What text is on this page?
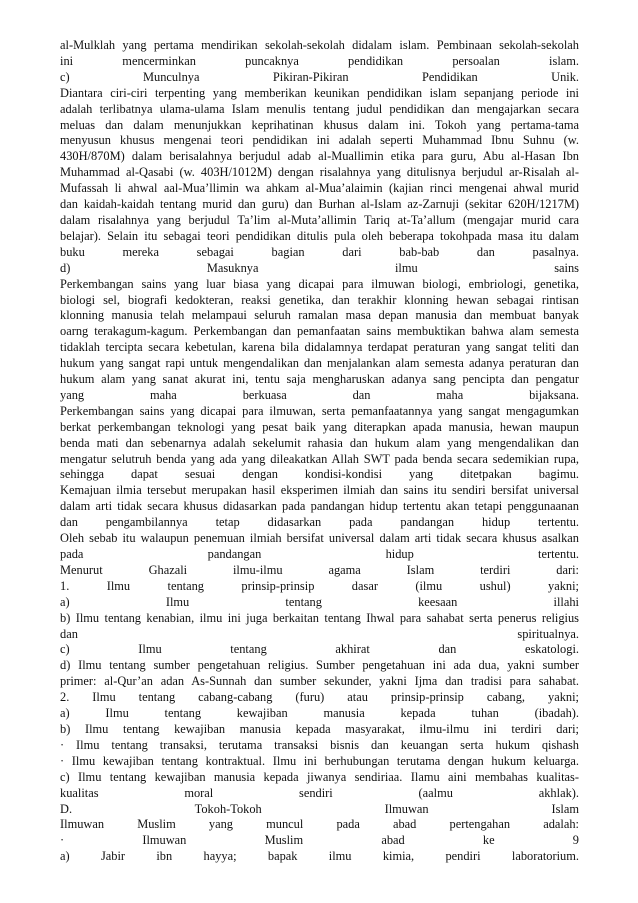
al-Mulklah yang pertama mendirikan sekolah-sekolah didalam islam. Pembinaan sekolah-sekolah
ini mencerminkan puncaknya pendidikan persoalan islam.
c) Munculnya Pikiran-Pikiran Pendidikan Unik.
Diantara ciri-ciri terpenting yang memberikan keunikan pendidikan islam sepanjang periode ini
adalah terlibatnya ulama-ulama Islam menulis tentang judul pendidikan dan mengajarkan secara
meluas dan dalam menunjukkan keprihatinan khusus dalam ini. Tokoh yang pertama-tama
menyusun khusus mengenai teori pendidikan ini adalah seperti Muhammad Ibnu Suhnu (w.
430H/870M) dalam berisalahnya berjudul adab al-Muallimin etika para guru, Abu al-Hasan Ibn
Muhammad al-Qasabi (w. 403H/1012M) dengan risalahnya yang ditulisnya berjudul ar-Risalah al-
Mufassah li ahwal aal-Mua’llimin wa ahkam al-Mua’alaimin (kajian rinci mengenai ahwal murid
dan kaidah-kaidah tentang murid dan guru) dan Burhan al-Islam az-Zarnuji (sekitar 620H/1217M)
dalam risalahnya yang berjudul Ta’lim al-Muta’allimin Tariq at-Ta’allum (mengajar murid cara
belajar). Selain itu sebagai teori pendidikan ditulis pula oleh beberapa tokohpada masa itu dalam
buku mereka sebagai bagian dari bab-bab dan pasalnya.
d) Masuknya ilmu sains
Perkembangan sains yang luar biasa yang dicapai para ilmuwan biologi, embriologi, genetika,
biologi sel, biografi kedokteran, reaksi genetika, dan terakhir klonning hewan sebagai rintisan
klonning manusia telah melampaui seluruh ramalan masa depan manusia dan membuat banyak
oarng terakagum-kagum. Perkembangan dan pemanfaatan sains membuktikan bahwa alam semesta
tidaklah tercipta secara kebetulan, karena bila didalamnya terdapat peraturan yang sangat teliti dan
hukum yang sangat rapi untuk mengendalikan dan menjalankan alam semesta adanya peraturan dan
hukum alam yang sanat akurat ini, tentu saja mengharuskan adanya sang pencipta dan pengatur
yang maha berkuasa dan maha bijaksana.
Perkembangan sains yang dicapai para ilmuwan, serta pemanfaatannya yang sangat mengagumkan
berkat perkembangan teknologi yang pesat baik yang diterapkan apada manusia, hewan maupun
benda mati dan sebenarnya adalah sekelumit rahasia dan hukum alam yang mengendalikan dan
mengatur selutruh benda yang ada yang dileakatkan Allah SWT pada benda secara sedemikian rupa,
sehingga dapat sesuai dengan kondisi-kondisi yang ditetpakan bagimu.
Kemajuan ilmia tersebut merupakan hasil eksperimen ilmiah dan sains itu sendiri bersifat universal
dalam arti tidak secara khusus didasarkan pada pandangan hidup tertentu akan tetapi penggunaanan
dan pengambilannya tetap didasarkan pada pandangan hidup tertentu.
Oleh sebab itu walaupun penemuan ilmiah bersifat universal dalam arti tidak secara khusus asalkan
pada pandangan hidup tertentu.
Menurut Ghazali ilmu-ilmu agama Islam terdiri dari:
1. Ilmu tentang prinsip-prinsip dasar (ilmu ushul) yakni;
a) Ilmu tentang keesaan illahi
b) Ilmu tentang kenabian, ilmu ini juga berkaitan tentang Ihwal para sahabat serta penerus religius
dan spiritualnya.
c) Ilmu tentang akhirat dan eskatologi.
d) Ilmu tentang sumber pengetahuan religius. Sumber pengetahuan ini ada dua, yakni sumber
primer: al-Qur’an adan As-Sunnah dan sumber sekunder, yakni Ijma dan tradisi para sahabat.
2. Ilmu tentang cabang-cabang (furu) atau prinsip-prinsip cabang, yakni;
a) Ilmu tentang kewajiban manusia kepada tuhan (ibadah).
b) Ilmu tentang kewajiban manusia kepada masyarakat, ilmu-ilmu ini terdiri dari;
· Ilmu tentang transaksi, terutama transaksi bisnis dan keuangan serta hukum qishash
· Ilmu kewajiban tentang kontraktual. Ilmu ini berhubungan terutama dengan hukum keluarga.
c) Ilmu tentang kewajiban manusia kepada jiwanya sendiriaa. Ilamu aini membahas kualitas-
kualitas moral sendiri (aalmu akhlak).
D. Tokoh-Tokoh Ilmuwan Islam
Ilmuwan Muslim yang muncul pada abad pertengahan adalah:
· Ilmuwan Muslim abad ke 9
a) Jabir ibn hayya; bapak ilmu kimia, pendiri laboratorium.
